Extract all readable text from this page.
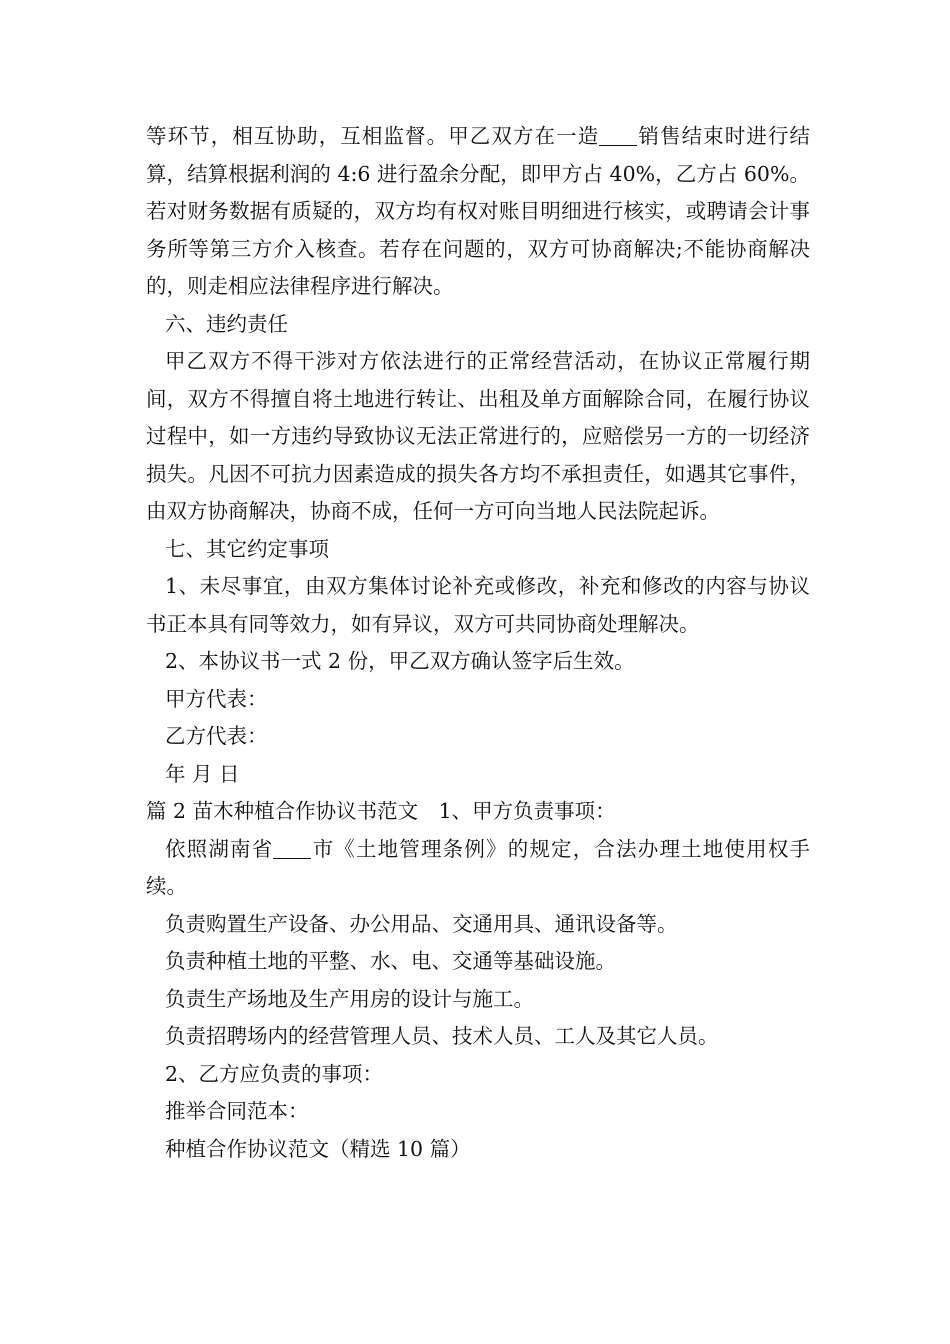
等环节，相互协助，互相监督。甲乙双方在一造 销售结束时进行结算，结算根据利润的 4:6 进行盈余分配，即甲方占 40%，乙方占 60%。若对财务数据有质疑的，双方均有权对账目明细进行核实，或聘请会计事务所等第三方介入核查。若存在问题的，双方可协商解决;不能协商解决的，则走相应法律程序进行解决。

六、违约责任

甲乙双方不得干涉对方依法进行的正常经营活动，在协议正常履行期间，双方不得擅自将土地进行转让、出租及单方面解除合同，在履行协议过程中，如一方违约导致协议无法正常进行的，应赔偿另一方的一切经济损失。凡因不可抗力因素造成的损失各方均不承担责任，如遇其它事件，由双方协商解决，协商不成，任何一方可向当地人民法院起诉。

七、其它约定事项

1、未尽事宜，由双方集体讨论补充或修改，补充和修改的内容与协议书正本具有同等效力，如有异议，双方可共同协商处理解决。

2、本协议书一式 2 份，甲乙双方确认签字后生效。

甲方代表：

乙方代表：

年 月 日

篇 2 苗木种植合作协议书范文　1、甲方负责事项：

依照湖南省 市《土地管理条例》的规定，合法办理土地使用权手续。

负责购置生产设备、办公用品、交通用具、通讯设备等。

负责种植土地的平整、水、电、交通等基础设施。

负责生产场地及生产用房的设计与施工。

负责招聘场内的经营管理人员、技术人员、工人及其它人员。

2、乙方应负责的事项：

推举合同范本：

种植合作协议范文（精选 10 篇）
